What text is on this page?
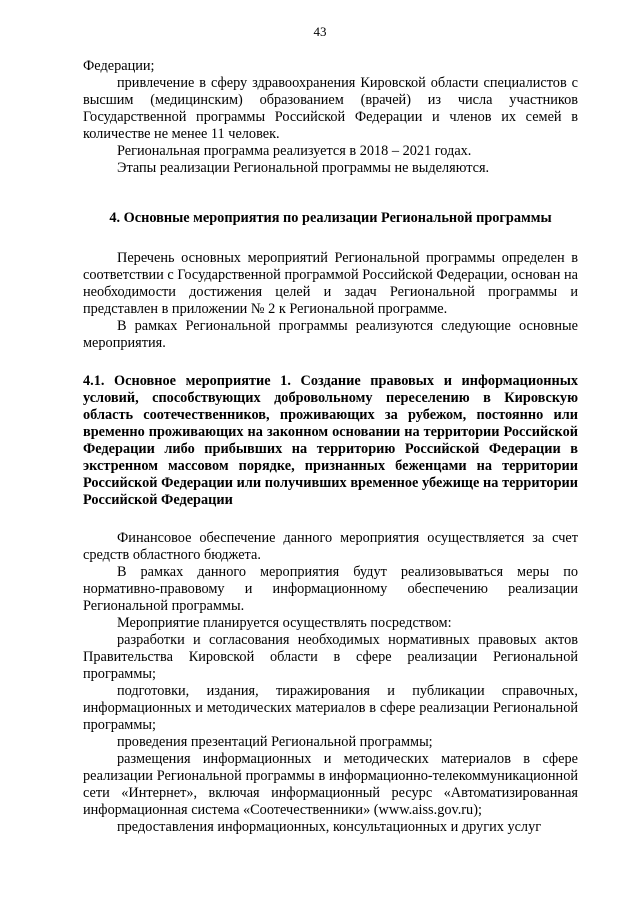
43

Федерации;

привлечение в сферу здравоохранения Кировской области специалистов с высшим (медицинским) образованием (врачей) из числа участников Государственной программы Российской Федерации и членов их семей в количестве не менее 11 человек.

Региональная программа реализуется в 2018 – 2021 годах.

Этапы реализации Региональной программы не выделяются.

4. Основные мероприятия по реализации Региональной программы

Перечень основных мероприятий Региональной программы определен в соответствии с Государственной программой Российской Федерации, основан на необходимости достижения целей и задач Региональной программы и представлен в приложении № 2 к Региональной программе.

В рамках Региональной программы реализуются следующие основные мероприятия.

4.1. Основное мероприятие 1. Создание правовых и информационных условий, способствующих добровольному переселению в Кировскую область соотечественников, проживающих за рубежом, постоянно или временно проживающих на законном основании на территории Российской Федерации либо прибывших на территорию Российской Федерации в экстренном массовом порядке, признанных беженцами на территории Российской Федерации или получивших временное убежище на территории Российской Федерации

Финансовое обеспечение данного мероприятия осуществляется за счет средств областного бюджета.

В рамках данного мероприятия будут реализовываться меры по нормативно-правовому и информационному обеспечению реализации Региональной программы.

Мероприятие планируется осуществлять посредством:

разработки и согласования необходимых нормативных правовых актов Правительства Кировской области в сфере реализации Региональной программы;

подготовки, издания, тиражирования и публикации справочных, информационных и методических материалов в сфере реализации Региональной программы;

проведения презентаций Региональной программы;

размещения информационных и методических материалов в сфере реализации Региональной программы в информационно-телекоммуникационной сети «Интернет», включая информационный ресурс «Автоматизированная информационная система «Соотечественники» (www.aiss.gov.ru);

предоставления информационных, консультационных и других услуг
